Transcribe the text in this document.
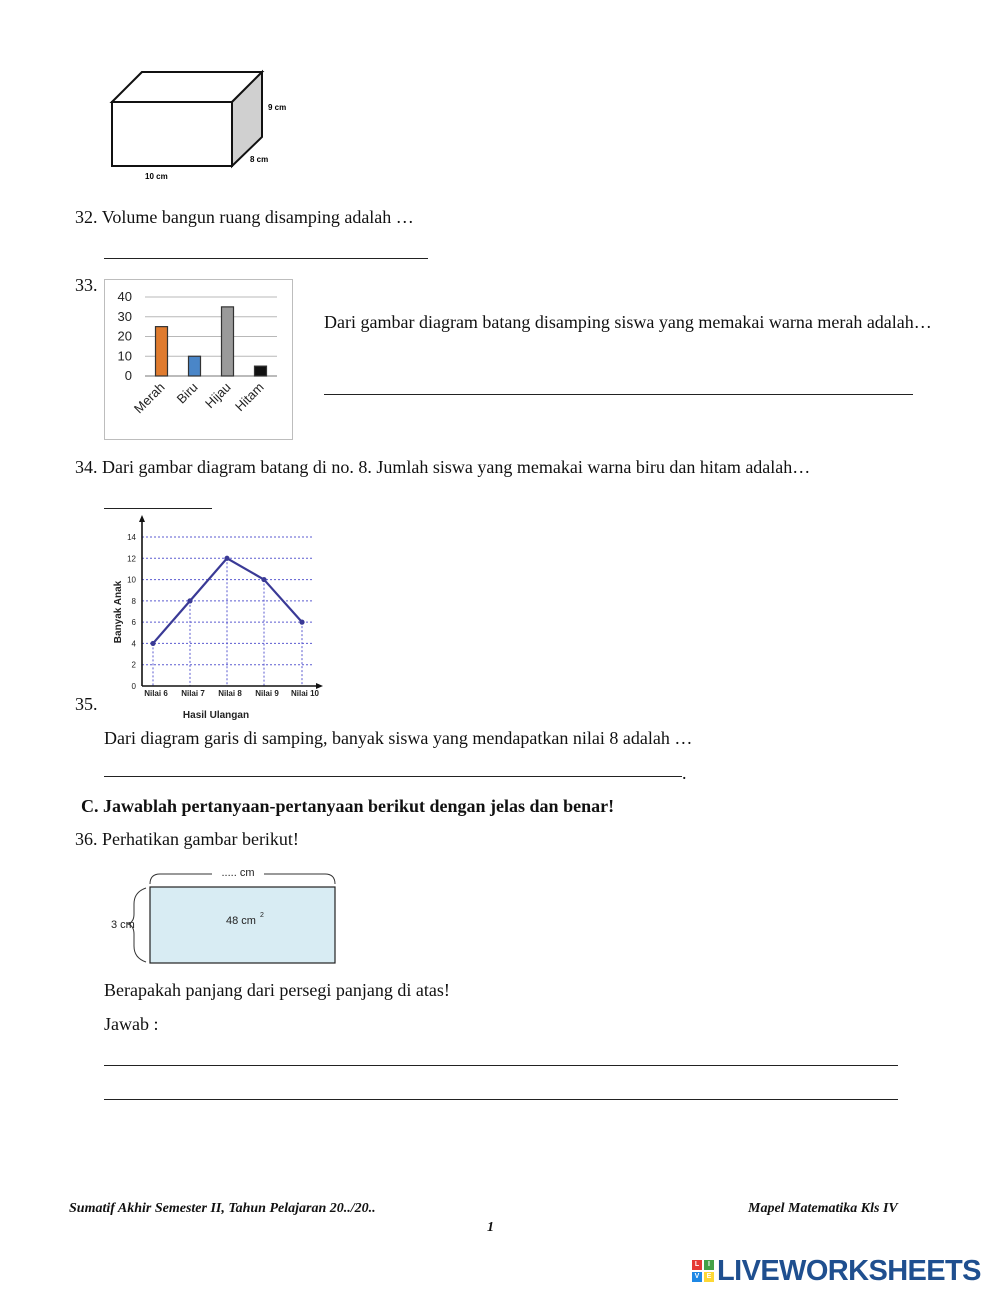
9 cm
8 cm
10 cm
32. Volume bangun ruang disamping adalah …
33.
0
10
20
30
40
Merah Biru Hijau
Hitam
Dari gambar diagram batang disamping siswa yang memakai warna merah adalah…
34. Dari gambar diagram batang di no. 8. Jumlah siswa yang memakai warna biru dan hitam adalah…
0
2
4
6
8
10
12
14
Nilai 6 Nilai 7 Nilai 8 Nilai 9 Nilai 10
Hasil Ulangan
Banyak Anak
35.
Dari diagram garis di samping, banyak siswa yang mendapatkan nilai 8 adalah …
.
C. Jawablah pertanyaan-pertanyaan berikut dengan jelas dan benar!
36. Perhatikan gambar berikut!
..... cm
3 cm	48 cm 2
Berapakah panjang dari persegi panjang di atas!
Jawab :
Sumatif Akhir Semester II, Tahun Pelajaran 20../20..	Mapel Matematika Kls IV
1
L	I
V	E LIVEWORKSHEETS
